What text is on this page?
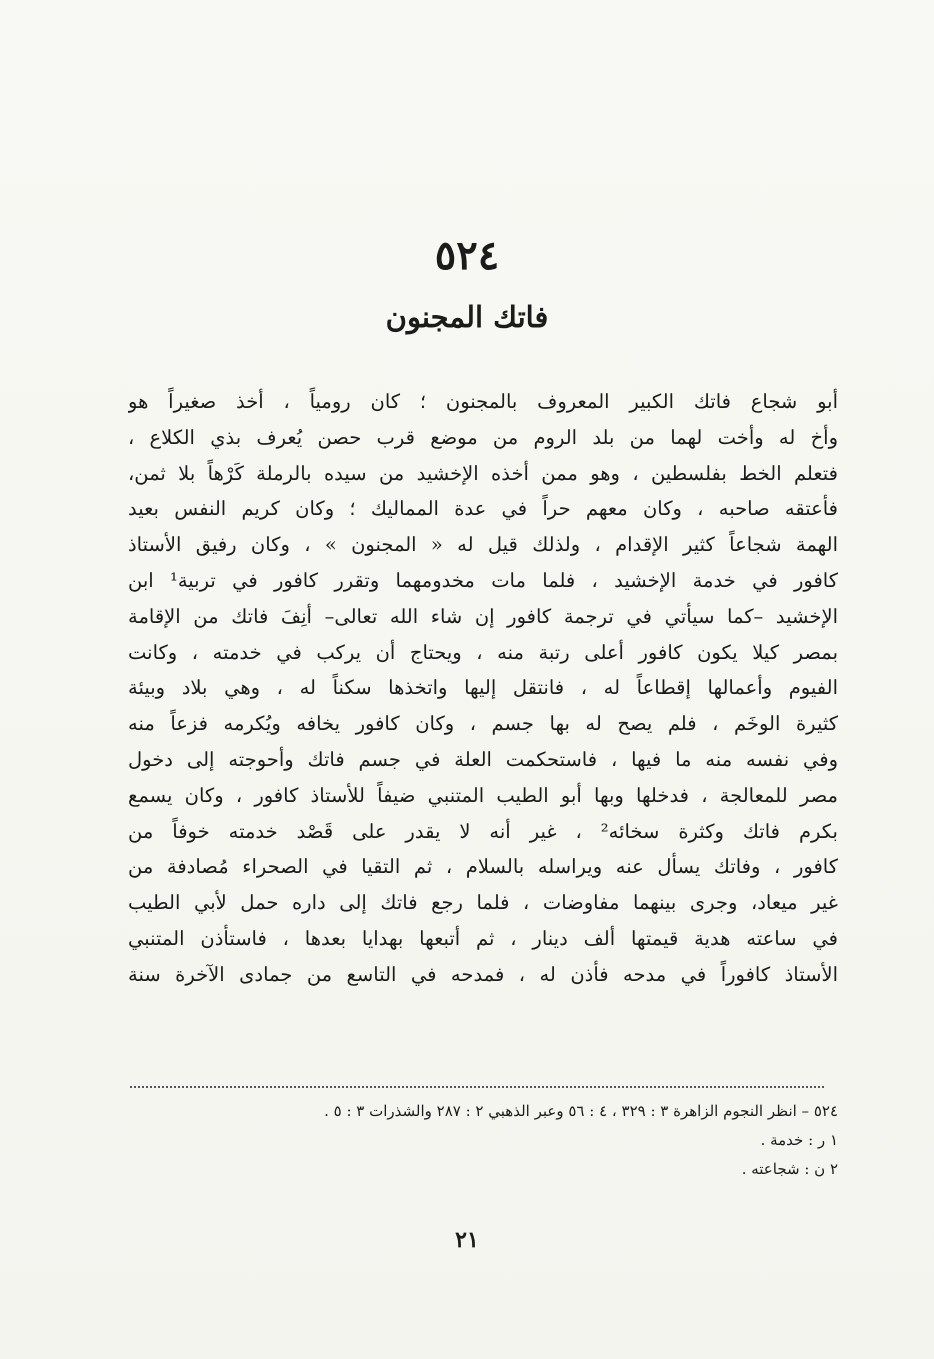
٥٢٤
فاتك المجنون
أبو شجاع فاتك الكبير المعروف بالمجنون ؛ كان رومياً ، أخذ صغيراً هو
وأخ له وأخت لهما من بلد الروم من موضع قرب حصن يُعرف بذي الكلاع ،
فتعلم الخط بفلسطين ، وهو ممن أخذه الإخشيد من سيده بالرملة كَرْهاً بلا ثمن،
فأعتقه صاحبه ، وكان معهم حراً في عدة المماليك ؛ وكان كريم النفس بعيد
الهمة شجاعاً كثير الإقدام ، ولذلك قيل له « المجنون » ، وكان رفيق الأستاذ
كافور في خدمة الإخشيد ، فلما مات مخدومهما وتقرر كافور في تربية¹ ابن
الإخشيد –كما سيأتي في ترجمة كافور إن شاء الله تعالى– أنِفَ فاتك من الإقامة
بمصر كيلا يكون كافور أعلى رتبة منه ، ويحتاج أن يركب في خدمته ، وكانت
الفيوم وأعمالها إقطاعاً له ، فانتقل إليها واتخذها سكناً له ، وهي بلاد وبيئة
كثيرة الوخَم ، فلم يصح له بها جسم ، وكان كافور يخافه ويُكرمه فزعاً منه
وفي نفسه منه ما فيها ، فاستحكمت العلة في جسم فاتك وأحوجته إلى دخول
مصر للمعالجة ، فدخلها وبها أبو الطيب المتنبي ضيفاً للأستاذ كافور ، وكان يسمع
بكرم فاتك وكثرة سخائه² ، غير أنه لا يقدر على قَصْد خدمته خوفاً من
كافور ، وفاتك يسأل عنه ويراسله بالسلام ، ثم التقيا في الصحراء مُصادفة من
غير ميعاد، وجرى بينهما مفاوضات ، فلما رجع فاتك إلى داره حمل لأبي الطيب
في ساعته هدية قيمتها ألف دينار ، ثم أتبعها بهدايا بعدها ، فاستأذن المتنبي
الأستاذ كافوراً في مدحه فأذن له ، فمدحه في التاسع من جمادى الآخرة سنة
٥٢٤ – انظر النجوم الزاهرة ٣ : ٣٢٩ ، ٤ : ٥٦ وعبر الذهبي ٢ : ٢٨٧ والشذرات ٣ : ٥ .
١ ر : خدمة .
٢ ن : شجاعته .
٢١
